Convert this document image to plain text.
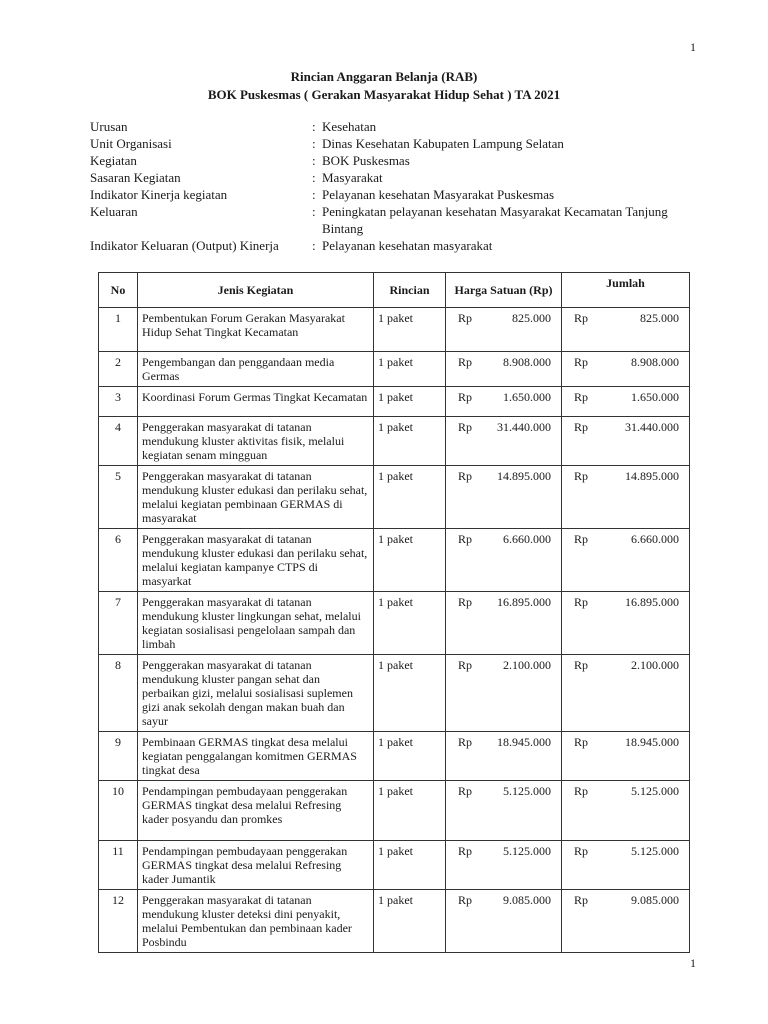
1
Rincian Anggaran Belanja (RAB)
BOK Puskesmas ( Gerakan Masyarakat Hidup Sehat ) TA 2021
Urusan	: Kesehatan
Unit Organisasi	: Dinas Kesehatan Kabupaten Lampung Selatan
Kegiatan	: BOK Puskesmas
Sasaran Kegiatan	: Masyarakat
Indikator Kinerja kegiatan	: Pelayanan kesehatan Masyarakat Puskesmas
Keluaran	: Peningkatan pelayanan kesehatan Masyarakat Kecamatan Tanjung Bintang
Indikator Keluaran (Output) Kinerja	: Pelayanan kesehatan masyarakat
No	Jenis Kegiatan	Rincian	Harga Satuan (Rp)	Jumlah
1	Pembentukan Forum Gerakan Masyarakat Hidup Sehat Tingkat Kecamatan	1 paket	Rp 825.000	Rp 825.000

2	Pengembangan dan penggandaan media Germas	1 paket	Rp 8.908.000	Rp 8.908.000

3	Koordinasi Forum Germas Tingkat Kecamatan	1 paket	Rp 1.650.000	Rp 1.650.000

4	Penggerakan masyarakat di tatanan mendukung kluster aktivitas fisik, melalui kegiatan senam mingguan	1 paket	Rp 31.440.000	Rp 31.440.000

5	Penggerakan masyarakat di tatanan mendukung kluster edukasi dan perilaku sehat, melalui kegiatan pembinaan GERMAS di masyarakat	1 paket	Rp 14.895.000	Rp 14.895.000

6	Penggerakan masyarakat di tatanan mendukung kluster edukasi dan perilaku sehat, melalui kegiatan kampanye CTPS di masyarkat	1 paket	Rp 6.660.000	Rp 6.660.000

7	Penggerakan masyarakat di tatanan mendukung kluster lingkungan sehat, melalui kegiatan sosialisasi pengelolaan sampah dan limbah	1 paket	Rp 16.895.000	Rp 16.895.000

8	Penggerakan masyarakat di tatanan mendukung kluster pangan sehat dan perbaikan gizi, melalui sosialisasi suplemen gizi anak sekolah dengan makan buah dan sayur	1 paket	Rp 2.100.000	Rp 2.100.000

9	Pembinaan GERMAS tingkat desa melalui kegiatan penggalangan komitmen GERMAS tingkat desa	1 paket	Rp 18.945.000	Rp 18.945.000

10	Pendampingan pembudayaan penggerakan GERMAS tingkat desa melalui Refresing kader posyandu dan promkes	1 paket	Rp 5.125.000	Rp 5.125.000

11	Pendampingan pembudayaan penggerakan GERMAS tingkat desa melalui Refresing kader Jumantik	1 paket	Rp 5.125.000	Rp 5.125.000

12	Penggerakan masyarakat di tatanan mendukung kluster deteksi dini penyakit, melalui Pembentukan dan pembinaan kader Posbindu	1 paket	Rp 9.085.000	Rp 9.085.000
1
